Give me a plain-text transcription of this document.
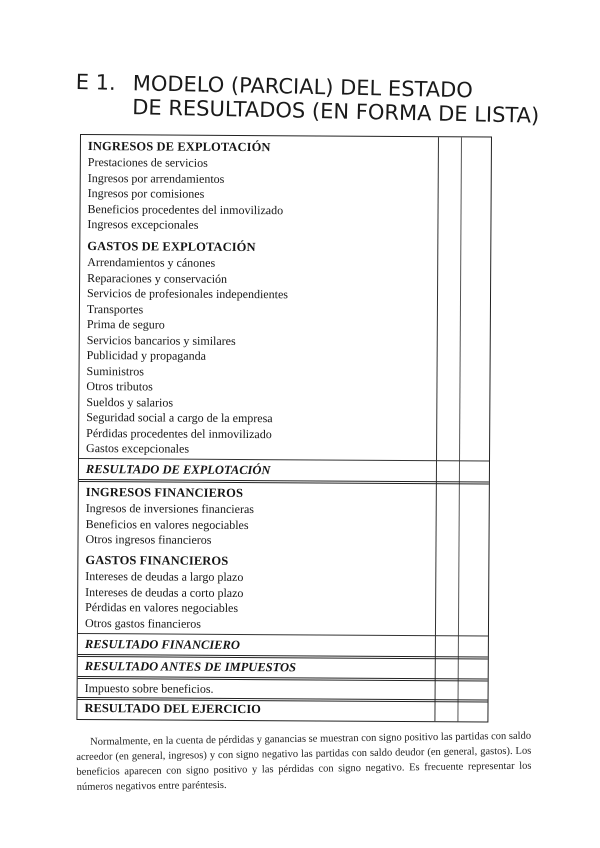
E 1. MODELO (PARCIAL) DEL ESTADO
DE RESULTADOS (EN FORMA DE LISTA)
INGRESOS DE EXPLOTACIÓN
Prestaciones de servicios
Ingresos por arrendamientos
Ingresos por comisiones
Beneficios procedentes del inmovilizado
Ingresos excepcionales
GASTOS DE EXPLOTACIÓN
Arrendamientos y cánones
Reparaciones y conservación
Servicios de profesionales independientes
Transportes
Prima de seguro
Servicios bancarios y similares
Publicidad y propaganda
Suministros
Otros tributos
Sueldos y salarios
Seguridad social a cargo de la empresa
Pérdidas procedentes del inmovilizado
Gastos excepcionales
RESULTADO DE EXPLOTACIÓN
INGRESOS FINANCIEROS
Ingresos de inversiones financieras
Beneficios en valores negociables
Otros ingresos financieros
GASTOS FINANCIEROS
Intereses de deudas a largo plazo
Intereses de deudas a corto plazo
Pérdidas en valores negociables
Otros gastos financieros
RESULTADO FINANCIERO
RESULTADO ANTES DE IMPUESTOS
Impuesto sobre beneficios.
RESULTADO DEL EJERCICIO
Normalmente, en la cuenta de pérdidas y ganancias se muestran con signo positivo las partidas con saldo acreedor (en general, ingresos) y con signo negativo las partidas con saldo deudor (en general, gastos). Los beneficios aparecen con signo positivo y las pérdidas con signo negativo. Es frecuente representar los números negativos entre paréntesis.
